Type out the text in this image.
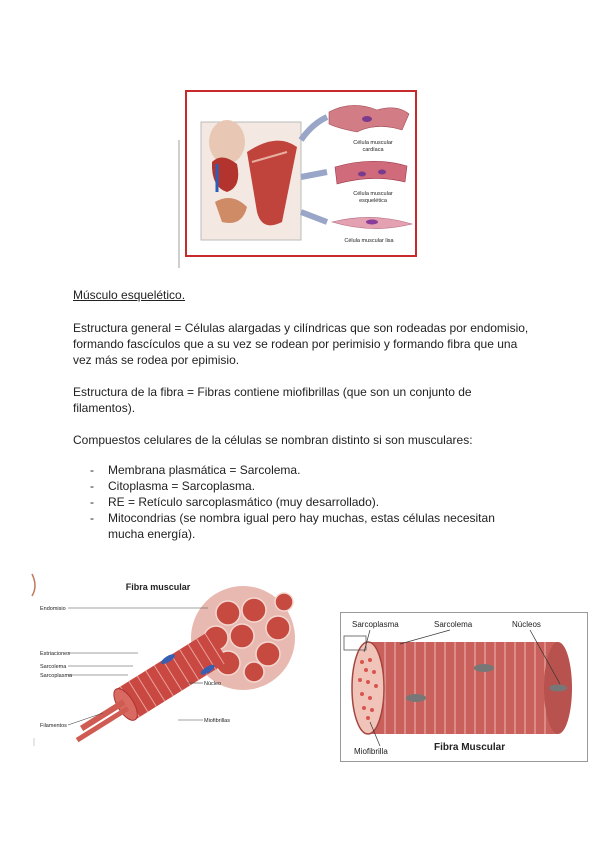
Célula muscular
cardíaca
Célula muscular
esquelética
Célula muscular lisa
Músculo esquelético.
Estructura general = Células alargadas y cilíndricas que son rodeadas por endomisio, formando fascículos que a su vez se rodean por perimisio y formando fibra que una vez más se rodea por epimisio.
Estructura de la fibra = Fibras contiene miofibrillas (que son un conjunto de filamentos).
Compuestos celulares de la células se nombran distinto si son musculares:
- Membrana plasmática = Sarcolema.
- Citoplasma = Sarcoplasma.
- RE = Retículo sarcoplasmático (muy desarrollado).
- Mitocondrias (se nombra igual pero hay muchas, estas células necesitan mucha energía).
Fibra muscular
Endomisio
Estriaciones
Sarcolema
Sarcoplasma
Núcleo
Filamentos
Miofibrillas
Sarcoplasma	Sarcolema	Núcleos
Miofibrilla	Fibra Muscular
